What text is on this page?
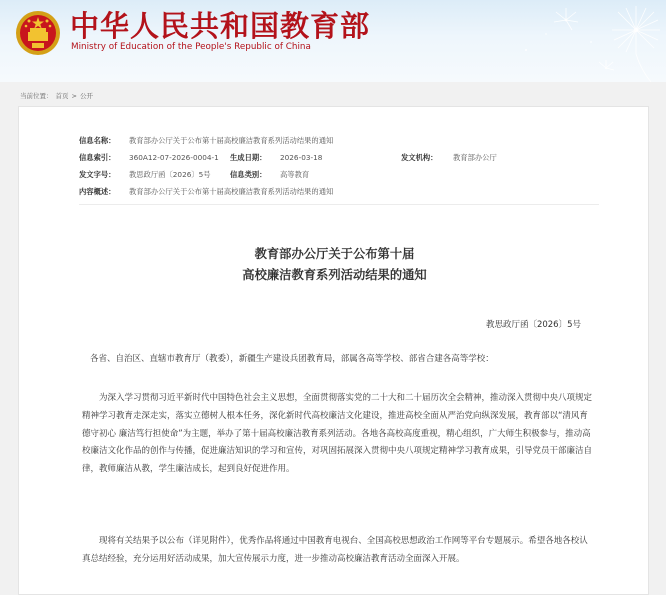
中华人民共和国教育部
Ministry of Education of the People's Republic of China
当前位置： 首页 > 公开
信息名称： 教育部办公厅关于公布第十届高校廉洁教育系列活动结果的通知
信息索引： 360A12-07-2026-0004-1 生成日期： 2026-03-18	发文机构： 教育部办公厅
发文字号： 教思政厅函〔2026〕5号	信息类别： 高等教育
内容概述： 教育部办公厅关于公布第十届高校廉洁教育系列活动结果的通知
教育部办公厅关于公布第十届
高校廉洁教育系列活动结果的通知
教思政厅函〔2026〕5号
各省、自治区、直辖市教育厅（教委），新疆生产建设兵团教育局，部属各高等学校、部省合建各高等学校：
为深入学习贯彻习近平新时代中国特色社会主义思想，全面贯彻落实党的二十大和二十届历次全会精神，推动深入贯彻中央八项规定精神学习教育走深走实，落实立德树人根本任务，深化新时代高校廉洁文化建设，推进高校全面从严治党向纵深发展，教育部以“清风育德守初心 廉洁笃行担使命”为主题，举办了第十届高校廉洁教育系列活动。各地各高校高度重视，精心组织，广大师生积极参与，推动高校廉洁文化作品的创作与传播，促进廉洁知识的学习和宣传，对巩固拓展深入贯彻中央八项规定精神学习教育成果，引导党员干部廉洁自律，教师廉洁从教，学生廉洁成长，起到良好促进作用。
现将有关结果予以公布（详见附件），优秀作品将通过中国教育电视台、全国高校思想政治工作网等平台专题展示。希望各地各校认真总结经验，充分运用好活动成果，加大宣传展示力度，进一步推动高校廉洁教育活动全面深入开展。
